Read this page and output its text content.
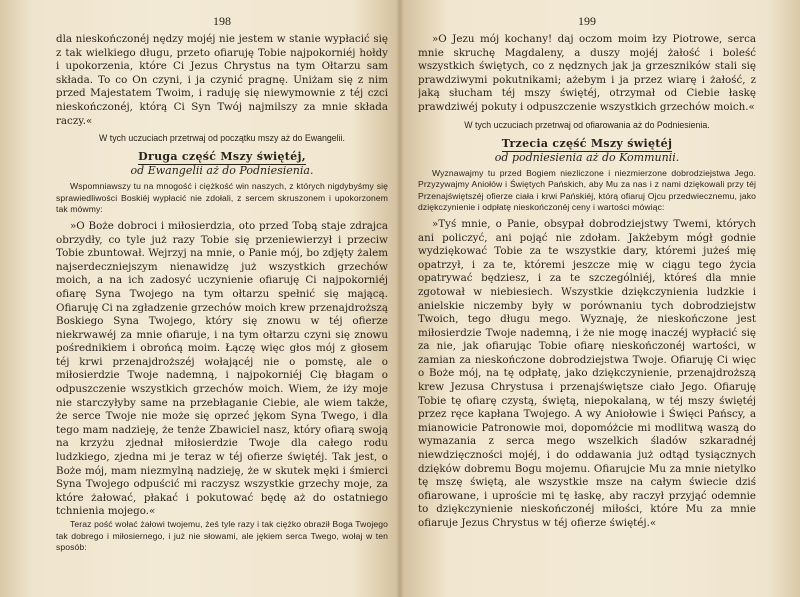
198

dla nieskończonéj nędzy mojéj nie jestem w stanie wypłacić się z tak wielkiego długu, przeto ofiaruję Tobie najpokorniéj hołdy i upokorzenia, które Ci Jezus Chrystus na tym Ołtarzu sam składa. To co On czyni, i ja czynić pragnę. Uniżam się z nim przed Majestatem Twoim, i raduję się niewymownie z téj czci nieskończonéj, którą Ci Syn Twój najmilszy za mnie składa raczy.«

W tych uczuciach przetrwaj od początku mszy aż do Ewangelii.

Druga część Mszy świętéj,
od Ewangelii aż do Podniesienia.

Wspomniawszy tu na mnogość i ciężkość win naszych, z których nigdybyśmy się sprawiedliwości Boskiéj wypłacić nie zdołali, z sercem skruszonem i upokorzonem tak mówmy:

»O Boże dobroci i miłosierdzia, oto przed Tobą staje zdrajca obrzydły, co tyle już razy Tobie się przeniewierzył i przeciw Tobie zbuntował. Wejrzyj na mnie, o Panie mój, bo zdjęty żalem najserdeczniejszym nienawidzę już wszystkich grzechów moich, a na ich zadosyć uczynienie ofiaruję Ci najpokorniéj ofiarę Syna Twojego na tym ołtarzu spełnić się mającą. Ofiaruję Ci na zgładzenie grzechów moich krew przenajdroższą Boskiego Syna Twojego, który się znowu w téj ofierze niekrwawéj za mnie ofiaruje, i na tym ołtarzu czyni się znowu pośrednikiem i obrońcą moim. Łączę więc głos mój z głosem téj krwi przenajdroższéj wołającéj nie o pomstę, ale o miłosierdzie Twoje nademną, i najpokorniéj Cię błagam o odpuszczenie wszystkich grzechów moich. Wiem, że iży moje nie starczyłyby same na przebłaganie Ciebie, ale wiem także, że serce Twoje nie może się oprzeć jękom Syna Twego, i dla tego mam nadzieję, że tenże Zbawiciel nasz, który ofiarą swoją na krzyżu zjednał miłosierdzie Twoje dla całego rodu ludzkiego, zjedna mi je teraz w téj ofierze świętéj. Tak jest, o Boże mój, mam niezmylną nadzieję, że w skutek męki i śmierci Syna Twojego odpuścić mi raczysz wszystkie grzechy moje, za które żałować, płakać i pokutować będę aż do ostatniego tchnienia mojego.«

Teraz pość wołać żałowi twojemu, żeś tyle razy i tak ciężko obraził Boga Twojego tak dobrego i miłosiernego, i już nie słowami, ale jękiem serca Twego, wołaj w ten sposób:

199

»O Jezu mój kochany! daj oczom moim łzy Piotrowe, serca mnie skruchę Magdaleny, a duszy mojéj żałość i boleść wszystkich świętych, co z nędznych jak ja grzeszników stali się prawdziwymi pokutnikami; ażebym i ja przez wiarę i żałość, z jaką słucham téj mszy świętéj, otrzymał od Ciebie łaskę prawdziwéj pokuty i odpuszczenie wszystkich grzechów moich.«

W tych uczuciach przetrwaj od ofiarowania aż do Podniesienia.

Trzecia część Mszy świętéj
od podniesienia aż do Kommunii.

Wyznawajmy tu przed Bogiem niezliczone i niezmierzone dobrodziejstwa Jego. Przyzywajmy Aniołów i Świętych Pańskich, aby Mu za nas i z nami dziękowali przy téj Przenajświętszéj ofierze ciała i krwi Pańskiéj, którą ofiaruj Ojcu przedwiecznemu, jako dziękczynienie i odpłatę nieskończonéj ceny i wartości mówiąc:

»Tyś mnie, o Panie, obsypał dobrodziejstwy Twemi, których ani policzyć, ani pojąć nie zdołam. Jakżebym mógł godnie wydziękować Tobie za te wszystkie dary, któremi jużeś mię opatrzył, i za te, któremi jeszcze mię w ciągu tego życia opatrywać będziesz, i za te szczególniéj, któreś dla mnie zgotował w niebiesiech. Wszystkie dziękczynienia ludzkie i anielskie niczemby były w porównaniu tych dobrodziejstw Twoich, tego długu mego. Wyznaję, że nieskończone jest miłosierdzie Twoje nademną, i że nie mogę inaczéj wypłacić się za nie, jak ofiarując Tobie ofiarę nieskończonéj wartości, w zamian za nieskończone dobrodziejstwa Twoje. Ofiaruję Ci więc o Boże mój, na tę odpłatę, jako dziękczynienie, przenajdroższą krew Jezusa Chrystusa i przenajświętsze ciało Jego. Ofiaruję Tobie tę ofiarę czystą, świętą, niepokalaną, w téj mszy świętéj przez ręce kapłana Twojego. A wy Aniołowie i Święci Pańscy, a mianowicie Patronowie moi, dopomóżcie mi modlitwą waszą do wymazania z serca mego wszelkich śladów szkaradnéj niewdzięczności mojéj, i do oddawania już odtąd tysiącznych dzięków dobremu Bogu mojemu. Ofiarujcie Mu za mnie nietylko tę mszę świętą, ale wszystkie msze na całym świecie dziś ofiarowane, i uproście mi tę łaskę, aby raczył przyjąć odemnie to dziękczynienie nieskończonéj miłości, które Mu za mnie ofiaruje Jezus Chrystus w téj ofierze świętéj.«
